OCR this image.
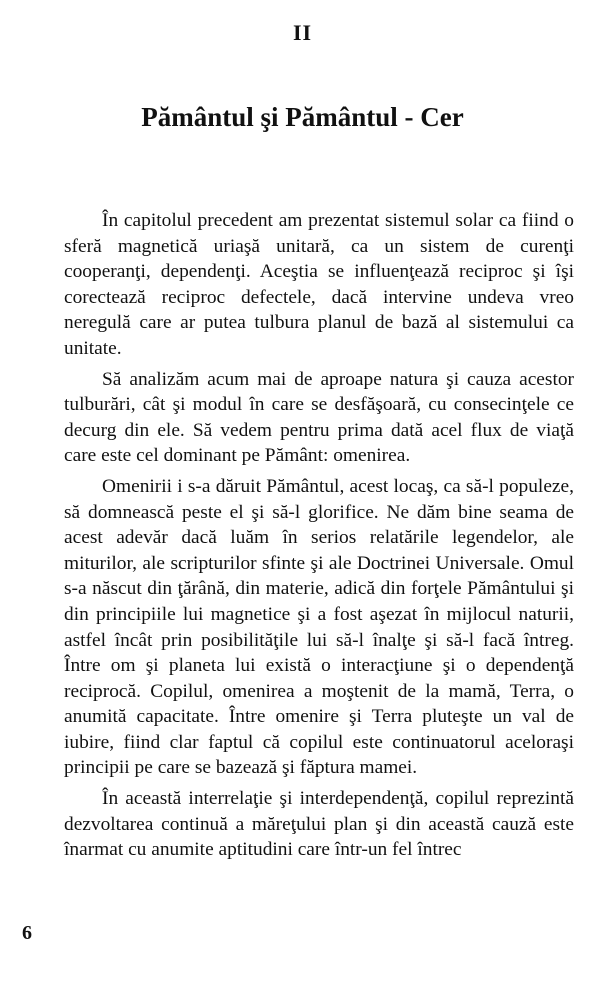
II
Pământul şi Pământul - Cer

În capitolul precedent am prezentat sistemul solar ca fiind o sferă magnetică uriaşă unitară, ca un sistem de curenţi cooperanţi, dependenţi. Aceştia se influenţează reciproc şi îşi corectează reciproc defectele, dacă intervine undeva vreo neregulă care ar putea tulbura planul de bază al sistemului ca unitate.

Să analizăm acum mai de aproape natura şi cauza acestor tulburări, cât şi modul în care se desfăşoară, cu consecinţele ce decurg din ele. Să vedem pentru prima dată acel flux de viaţă care este cel dominant pe Pământ: omenirea.

Omenirii i s-a dăruit Pământul, acest locaş, ca să-l populeze, să domnească peste el şi să-l glorifice. Ne dăm bine seama de acest adevăr dacă luăm în serios relatările legendelor, ale miturilor, ale scripturilor sfinte şi ale Doctrinei Universale. Omul s-a născut din ţărână, din materie, adică din forţele Pământului şi din principiile lui magnetice şi a fost aşezat în mijlocul naturii, astfel încât prin posibilităţile lui să-l înalţe şi să-l facă întreg. Între om şi planeta lui există o interacţiune şi o dependenţă reciprocă. Copilul, omenirea a moştenit de la mamă, Terra, o anumită capacitate. Între omenire şi Terra pluteşte un val de iubire, fiind clar faptul că copilul este continuatorul aceloraşi principii pe care se bazează şi făptura mamei.

În această interrelaţie şi interdependenţă, copilul reprezintă dezvoltarea continuă a măreţului plan şi din această cauză este înarmat cu anumite aptitudini care într-un fel întrec

6
